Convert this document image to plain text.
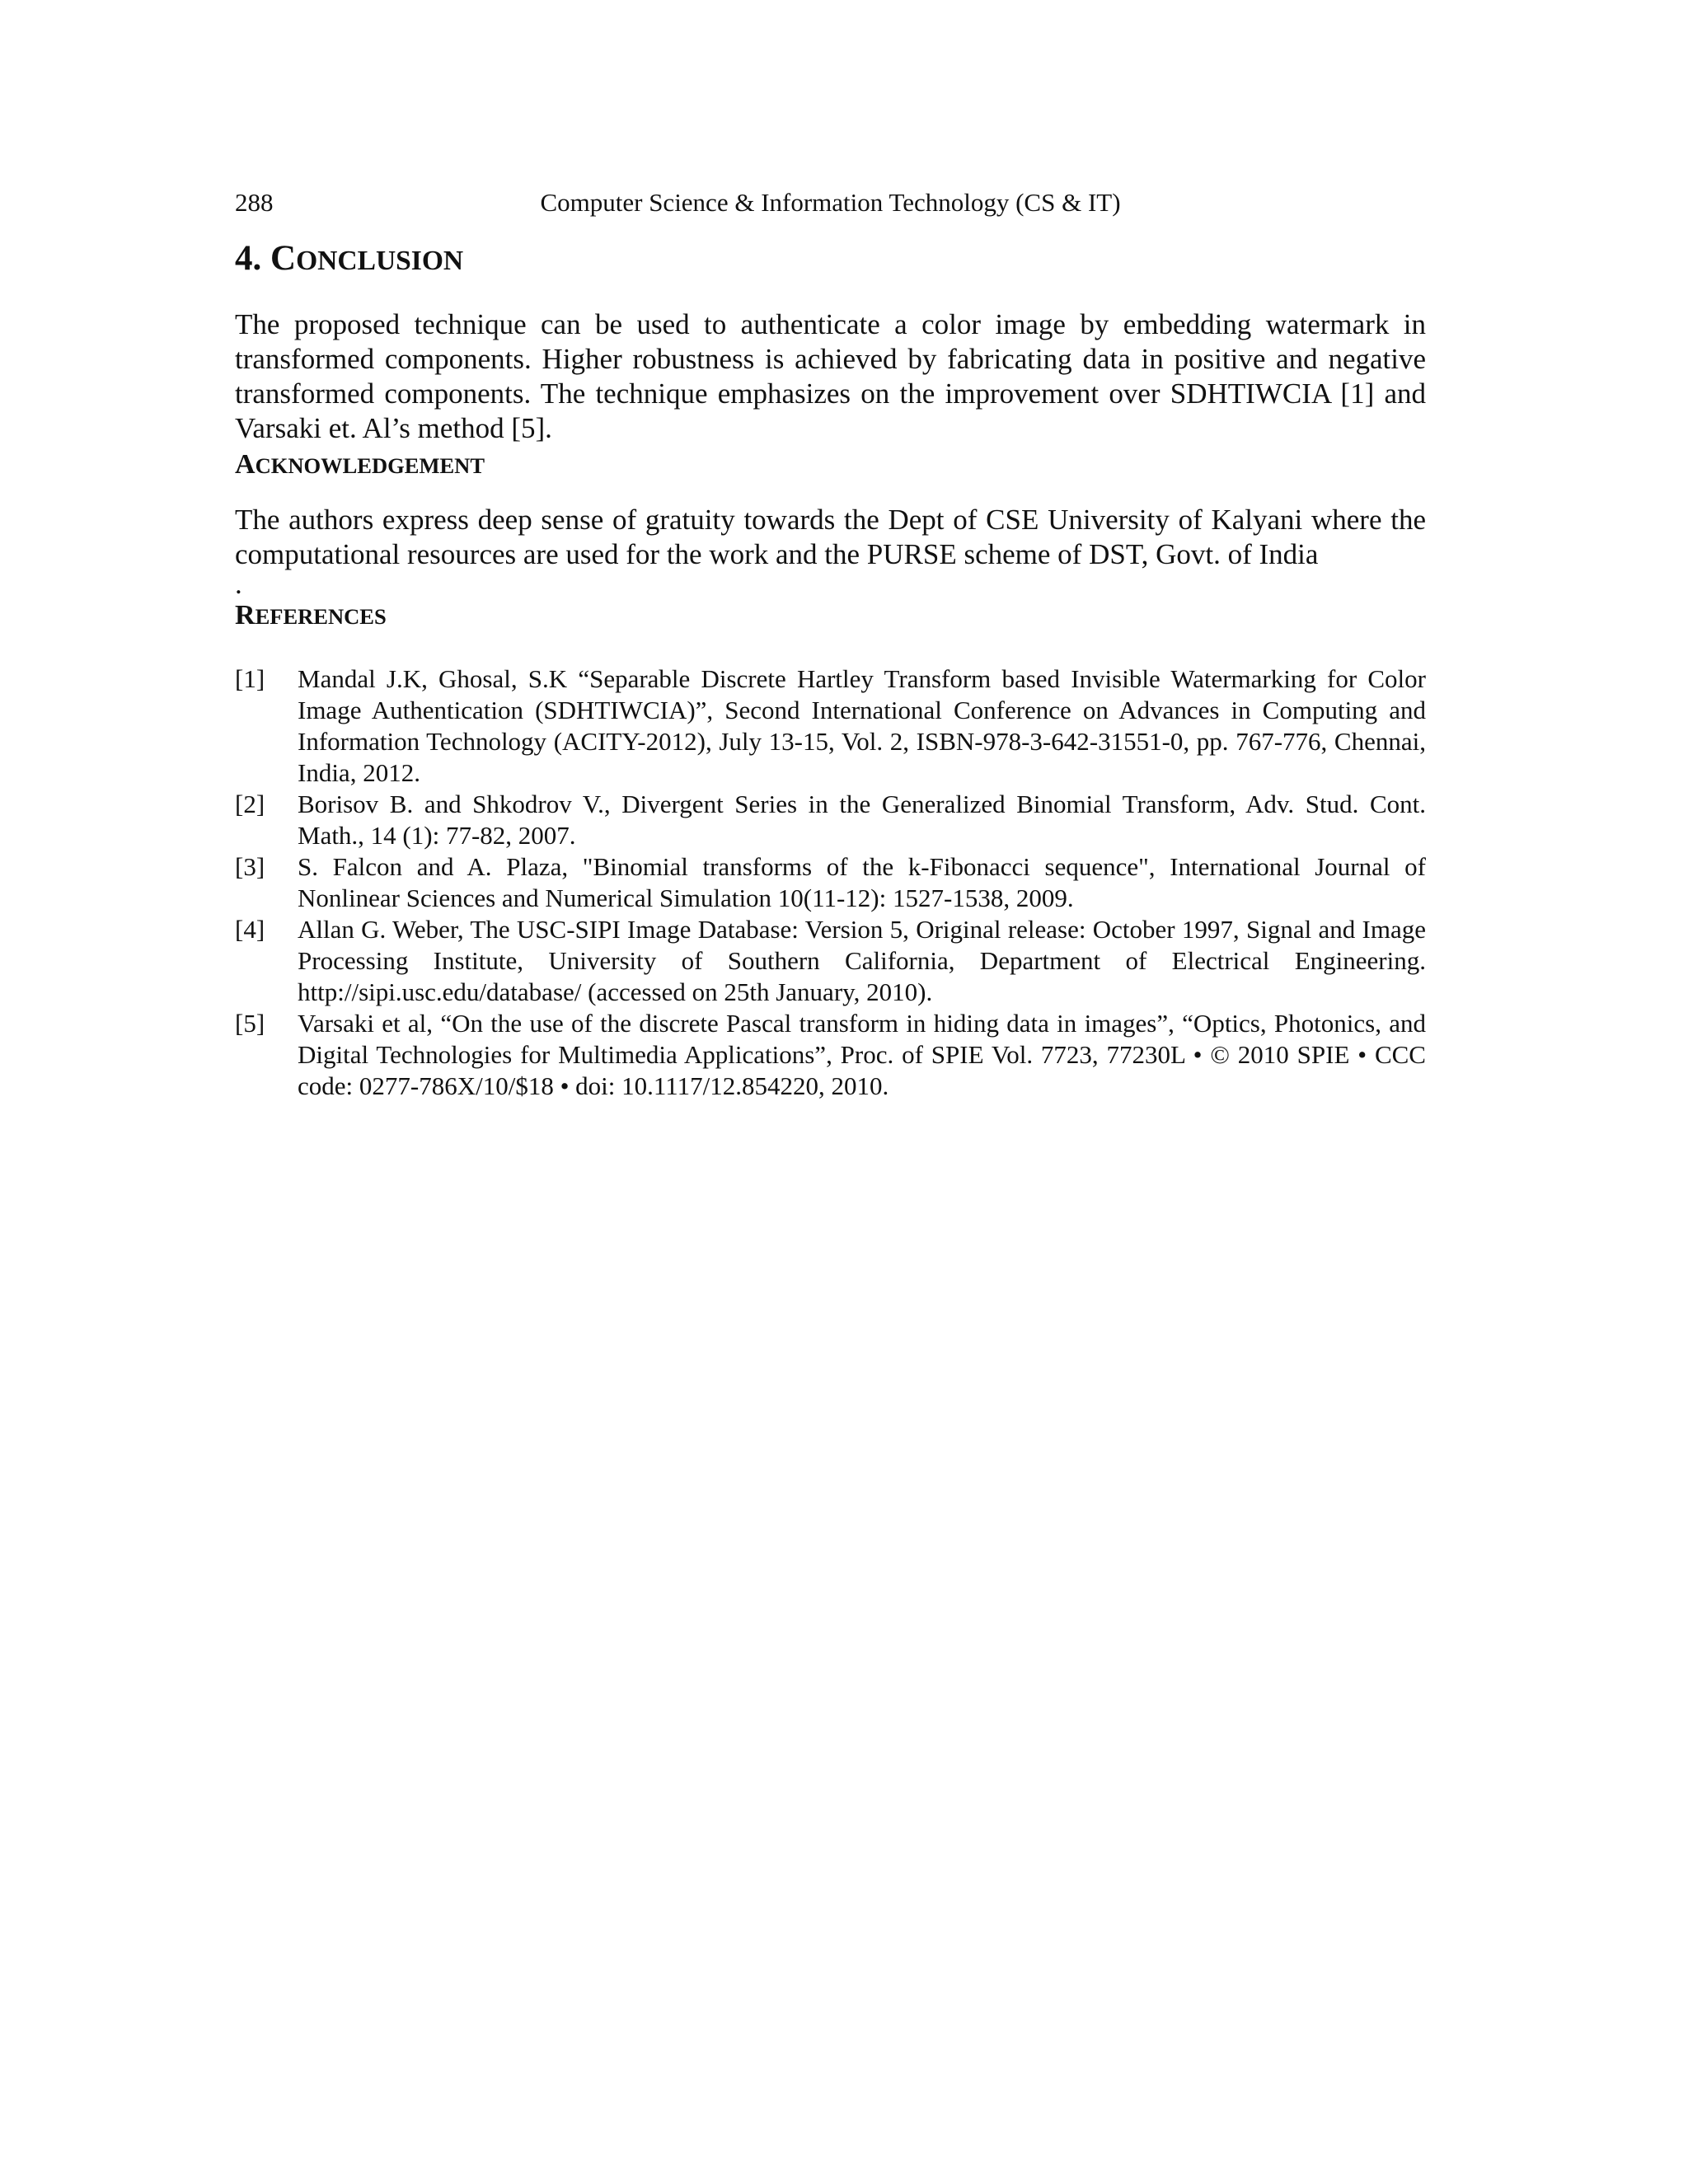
288	Computer Science & Information Technology (CS & IT)
4. CONCLUSION

The proposed technique can be used to authenticate a color image by embedding watermark in transformed components. Higher robustness is achieved by fabricating data in positive and negative transformed components. The technique emphasizes on the improvement over SDHTIWCIA [1] and Varsaki et. Al’s method [5].

ACKNOWLEDGEMENT

The authors express deep sense of gratuity towards the Dept of CSE University of Kalyani where the computational resources are used for the work and the PURSE scheme of DST, Govt. of India

.

REFERENCES
[1]	Mandal J.K, Ghosal, S.K “Separable Discrete Hartley Transform based Invisible Watermarking for Color Image Authentication (SDHTIWCIA)”, Second International Conference on Advances in Computing and Information Technology (ACITY-2012), July 13-15, Vol. 2, ISBN-978-3-642-31551-0, pp. 767-776, Chennai, India, 2012.
[2]	Borisov B. and Shkodrov V., Divergent Series in the Generalized Binomial Transform, Adv. Stud. Cont. Math., 14 (1): 77-82, 2007.
[3]	S. Falcon and A. Plaza, "Binomial transforms of the k-Fibonacci sequence", International Journal of Nonlinear Sciences and Numerical Simulation 10(11-12): 1527-1538, 2009.
[4]	Allan G. Weber, The USC-SIPI Image Database: Version 5, Original release: October 1997, Signal and Image Processing Institute, University of Southern California, Department of Electrical Engineering. http://sipi.usc.edu/database/ (accessed on 25th January, 2010).
[5]	Varsaki et al, “On the use of the discrete Pascal transform in hiding data in images”, “Optics, Photonics, and Digital Technologies for Multimedia Applications”, Proc. of SPIE Vol. 7723, 77230L • © 2010 SPIE • CCC code: 0277-786X/10/$18 • doi: 10.1117/12.854220, 2010.
